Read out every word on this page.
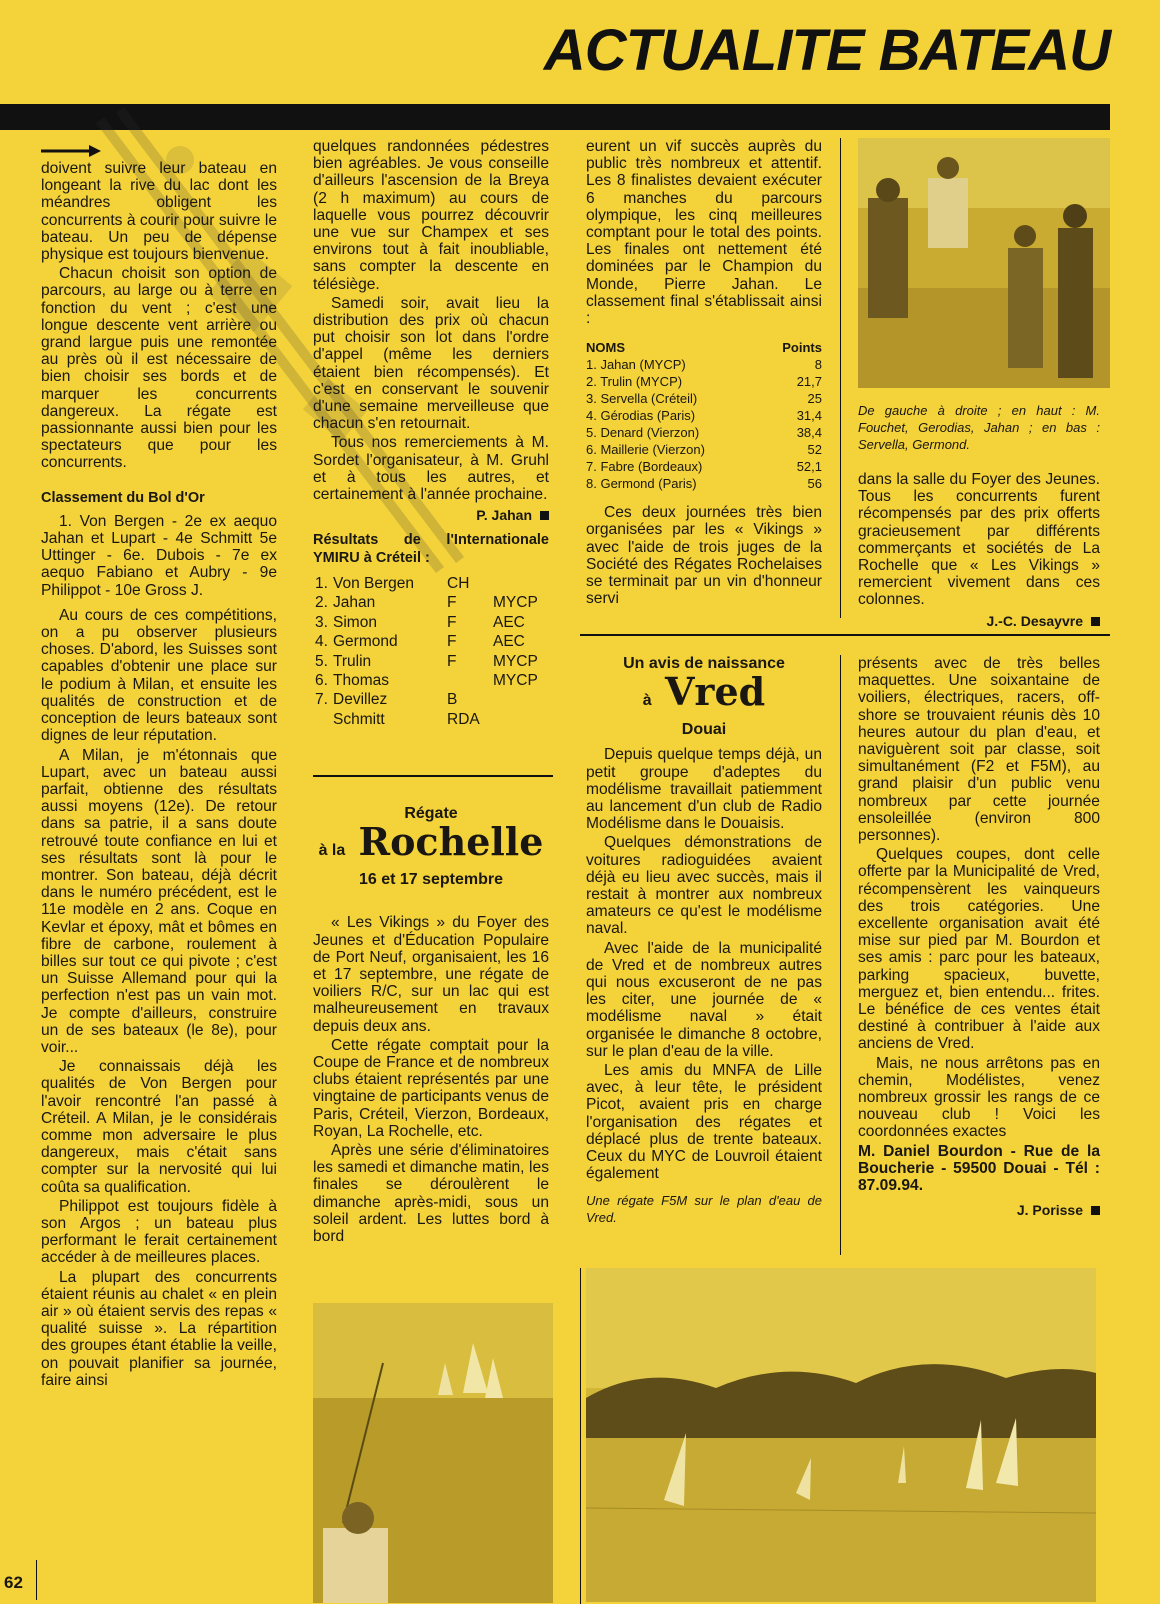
ACTUALITE BATEAU

doivent suivre leur bateau en longeant la rive du lac dont les méandres obligent les concurrents à courir pour suivre le bateau. Un peu de dépense physique est toujours bienvenue.

Chacun choisit son option de parcours, au large ou à terre en fonction du vent ; c'est une longue descente vent arrière ou grand largue puis une remontée au près où il est nécessaire de bien choisir ses bords et de marquer les concurrents dangereux. La régate est passionnante aussi bien pour les spectateurs que pour les concurrents.

Classement du Bol d'Or

1. Von Bergen - 2e ex aequo Jahan et Lupart - 4e Schmitt 5e Uttinger - 6e. Dubois - 7e ex aequo Fabiano et Aubry - 9e Philippot - 10e Gross J.

Au cours de ces compétitions, on a pu observer plusieurs choses. D'abord, les Suisses sont capables d'obtenir une place sur le podium à Milan, et ensuite les qualités de construction et de conception de leurs bateaux sont dignes de leur réputation.

A Milan, je m'étonnais que Lupart, avec un bateau aussi parfait, obtienne des résultats aussi moyens (12e). De retour dans sa patrie, il a sans doute retrouvé toute confiance en lui et ses résultats sont là pour le montrer. Son bateau, déjà décrit dans le numéro précédent, est le 11e modèle en 2 ans. Coque en Kevlar et époxy, mât et bômes en fibre de carbone, roulement à billes sur tout ce qui pivote ; c'est un Suisse Allemand pour qui la perfection n'est pas un vain mot. Je compte d'ailleurs, construire un de ses bateaux (le 8e), pour voir...

Je connaissais déjà les qualités de Von Bergen pour l'avoir rencontré l'an passé à Créteil. A Milan, je le considérais comme mon adversaire le plus dangereux, mais c'était sans compter sur la nervosité qui lui coûta sa qualification.

Philippot est toujours fidèle à son Argos ; un bateau plus performant le ferait certainement accéder à de meilleures places.

La plupart des concurrents étaient réunis au chalet « en plein air » où étaient servis des repas « qualité suisse ». La répartition des groupes étant établie la veille, on pouvait planifier sa journée, faire ainsi

62

quelques randonnées pédestres bien agréables. Je vous conseille d'ailleurs l'ascension de la Breya (2 h maximum) au cours de laquelle vous pourrez découvrir une vue sur Champex et ses environs tout à fait inoubliable, sans compter la descente en télésiège.

Samedi soir, avait lieu la distribution des prix où chacun put choisir son lot dans l'ordre d'appel (même les derniers étaient bien récompensés). Et c'est en conservant le souvenir d'une semaine merveilleuse que chacun s'en retournait.

Tous nos remerciements à M. Sordet l'organisateur, à M. Gruhl et à tous les autres, et certainement à l'année prochaine.

P. Jahan
Résultats de l'Internationale YMIRU à Créteil :
1.	Von Bergen	CH	
2.	Jahan	F	MYCP
3.	Simon	F	AEC
4.	Germond	F	AEC
5.	Trulin	F	MYCP
6.	Thomas		MYCP
7.	Devillez	B	
	Schmitt	RDA	
Régate
à la Rochelle
16 et 17 septembre

« Les Vikings » du Foyer des Jeunes et d'Éducation Populaire de Port Neuf, organisaient, les 16 et 17 septembre, une régate de voiliers R/C, sur un lac qui est malheureusement en travaux depuis deux ans.

Cette régate comptait pour la Coupe de France et de nombreux clubs étaient représentés par une vingtaine de participants venus de Paris, Créteil, Vierzon, Bordeaux, Royan, La Rochelle, etc.

Après une série d'éliminatoires les samedi et dimanche matin, les finales se déroulèrent le dimanche après-midi, sous un soleil ardent. Les luttes bord à bord

eurent un vif succès auprès du public très nombreux et attentif. Les 8 finalistes devaient exécuter 6 manches du parcours olympique, les cinq meilleures comptant pour le total des points. Les finales ont nettement été dominées par le Champion du Monde, Pierre Jahan. Le classement final s'établissait ainsi :

NOMS	Points
1. Jahan (MYCP)	8
2. Trulin (MYCP)	21,7
3. Servella (Créteil)	25
4. Gérodias (Paris)	31,4
5. Denard (Vierzon)	38,4
6. Maillerie (Vierzon)	52
7. Fabre (Bordeaux)	52,1
8. Germond (Paris)	56

Ces deux journées très bien organisées par les « Vikings » avec l'aide de trois juges de la Société des Régates Rochelaises se terminait par un vin d'honneur servi

De gauche à droite ; en haut : M. Fouchet, Gerodias, Jahan ; en bas : Servella, Germond.

dans la salle du Foyer des Jeunes. Tous les concurrents furent récompensés par des prix offerts gracieusement par différents commerçants et sociétés de La Rochelle que « Les Vikings » remercient vivement dans ces colonnes.

J.-C. Desayvre
Un avis de naissance
à Vred
Douai

Depuis quelque temps déjà, un petit groupe d'adeptes du modélisme travaillait patiemment au lancement d'un club de Radio Modélisme dans le Douaisis.

Quelques démonstrations de voitures radioguidées avaient déjà eu lieu avec succès, mais il restait à montrer aux nombreux amateurs ce qu'est le modélisme naval.

Avec l'aide de la municipalité de Vred et de nombreux autres qui nous excuseront de ne pas les citer, une journée de « modélisme naval » était organisée le dimanche 8 octobre, sur le plan d'eau de la ville.

Les amis du MNFA de Lille avec, à leur tête, le président Picot, avaient pris en charge l'organisation des régates et déplacé plus de trente bateaux. Ceux du MYC de Louvroil étaient également

Une régate F5M sur le plan d'eau de Vred.

présents avec de très belles maquettes. Une soixantaine de voiliers, électriques, racers, off-shore se trouvaient réunis dès 10 heures autour du plan d'eau, et naviguèrent soit par classe, soit simultanément (F2 et F5M), au grand plaisir d'un public venu nombreux par cette journée ensoleillée (environ 800 personnes).

Quelques coupes, dont celle offerte par la Municipalité de Vred, récompensèrent les vainqueurs des trois catégories. Une excellente organisation avait été mise sur pied par M. Bourdon et ses amis : parc pour les bateaux, parking spacieux, buvette, merguez et, bien entendu... frites. Le bénéfice de ces ventes était destiné à contribuer à l'aide aux anciens de Vred.

Mais, ne nous arrêtons pas en chemin, Modélistes, venez nombreux grossir les rangs de ce nouveau club ! Voici les coordonnées exactes

M. Daniel Bourdon - Rue de la Boucherie - 59500 Douai - Tél : 87.09.94.

J. Porisse
